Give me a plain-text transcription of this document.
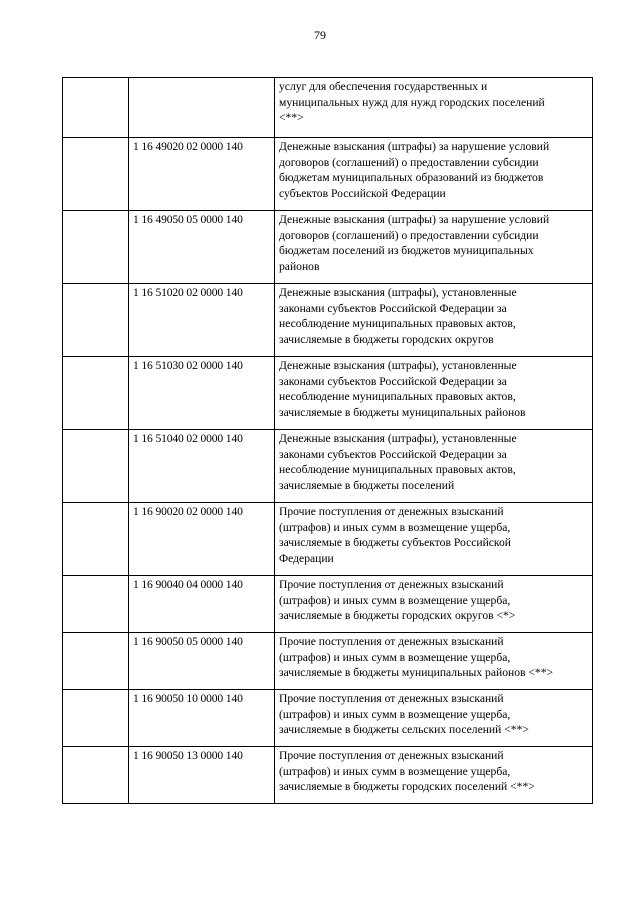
79

		услуг для обеспечения государственных и
муниципальных нужд для нужд городских поселений
<**>

	1 16 49020 02 0000 140	Денежные взыскания (штрафы) за нарушение условий
договоров (соглашений) о предоставлении субсидии
бюджетам муниципальных образований из бюджетов
субъектов Российской Федерации

	1 16 49050 05 0000 140	Денежные взыскания (штрафы) за нарушение условий
договоров (соглашений) о предоставлении субсидии
бюджетам поселений из бюджетов муниципальных
районов

	1 16 51020 02 0000 140	Денежные взыскания (штрафы), установленные
законами субъектов Российской Федерации за
несоблюдение муниципальных правовых актов,
зачисляемые в бюджеты городских округов

	1 16 51030 02 0000 140	Денежные взыскания (штрафы), установленные
законами субъектов Российской Федерации за
несоблюдение муниципальных правовых актов,
зачисляемые в бюджеты муниципальных районов

	1 16 51040 02 0000 140	Денежные взыскания (штрафы), установленные
законами субъектов Российской Федерации за
несоблюдение муниципальных правовых актов,
зачисляемые в бюджеты поселений

	1 16 90020 02 0000 140	Прочие поступления от денежных взысканий
(штрафов) и иных сумм в возмещение ущерба,
зачисляемые в бюджеты субъектов Российской
Федерации

	1 16 90040 04 0000 140	Прочие поступления от денежных взысканий
(штрафов) и иных сумм в возмещение ущерба,
зачисляемые в бюджеты городских округов <*>

	1 16 90050 05 0000 140	Прочие поступления от денежных взысканий
(штрафов) и иных сумм в возмещение ущерба,
зачисляемые в бюджеты муниципальных районов <**>

	1 16 90050 10 0000 140	Прочие поступления от денежных взысканий
(штрафов) и иных сумм в возмещение ущерба,
зачисляемые в бюджеты сельских поселений <**>

	1 16 90050 13 0000 140	Прочие поступления от денежных взысканий
(штрафов) и иных сумм в возмещение ущерба,
зачисляемые в бюджеты городских поселений <**>
